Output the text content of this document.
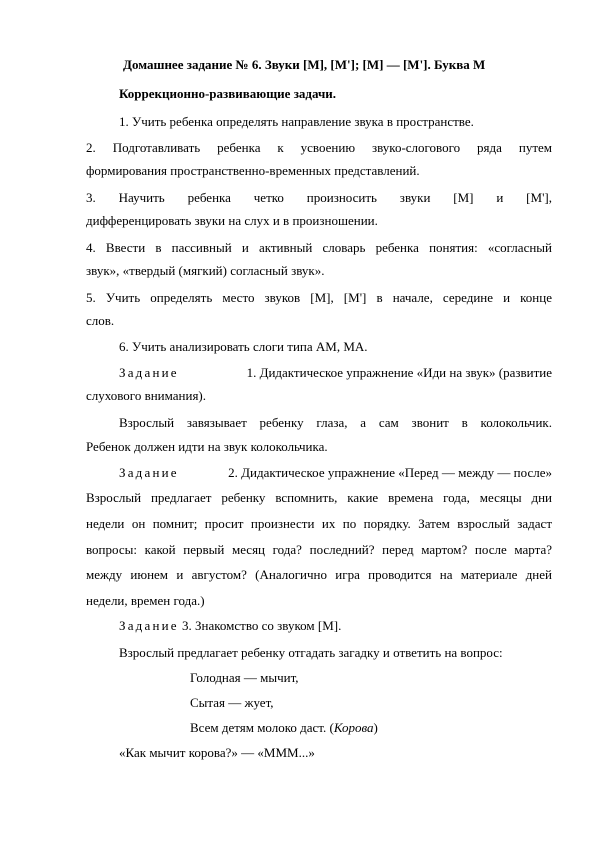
Домашнее задание № 6. Звуки [М], [М']; [М] — [М']. Буква М
Коррекционно-развивающие задачи.
1. Учить ребенка определять направление звука в пространстве.
2. Подготавливать ребенка к усвоению звуко-слогового ряда путем
формирования пространственно-временных представлений.
3. Научить ребенка четко произносить звуки [М] и [М'],
дифференцировать звуки на слух и в произношении.
4. Ввести в пассивный и активный словарь ребенка понятия: «согласный
звук», «твердый (мягкий) согласный звук».
5. Учить определять место звуков [М], [М'] в начале, середине и конце
слов.
6. Учить анализировать слоги типа АМ, МА.
Задание	1. Дидактическое упражнение «Иди на звук» (развитие
слухового внимания).
Взрослый завязывает ребенку глаза, а сам звонит в колокольчик.
Ребенок должен идти на звук колокольчика.
Задание	2. Дидактическое упражнение «Перед — между — после»
Взрослый предлагает ребенку вспомнить, какие времена года, месяцы дни
недели он помнит; просит произнести их по порядку. Затем взрослый задаст
вопросы: какой первый месяц года? последний? перед мартом? после марта?
между июнем и августом? (Аналогично игра проводится на материале дней
недели, времен года.)
Задание 3. Знакомство со звуком [М].
Взрослый предлагает ребенку отгадать загадку и ответить на вопрос:
Голодная — мычит,
Сытая — жует,
Всем детям молоко даст. (Корова)
«Как мычит корова?» — «МММ...»
